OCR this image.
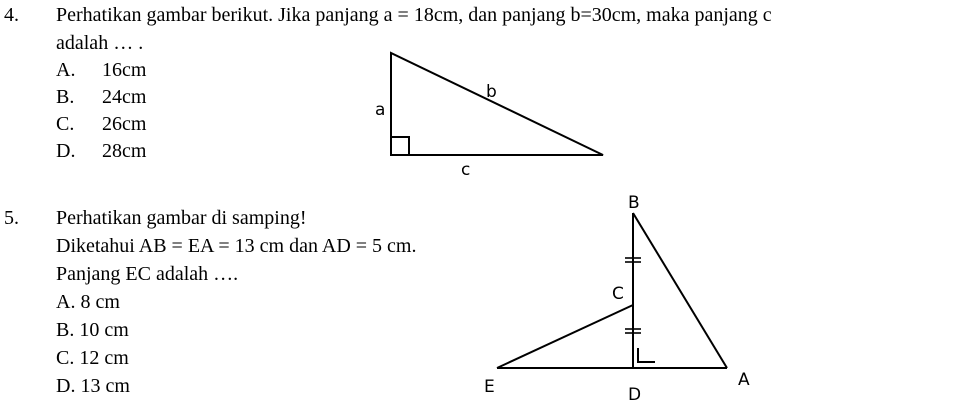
4. Perhatikan gambar berikut. Jika panjang a = 18cm, dan panjang b=30cm, maka panjang c
adalah … .
A. 16cm
B. 24cm
C. 26cm
D. 28cm
a
b
c
B
C
E	D
A
5. Perhatikan gambar di samping!
Diketahui AB = EA = 13 cm dan AD = 5 cm.
Panjang EC adalah ….
A. 8 cm
B. 10 cm
C. 12 cm
D. 13 cm
